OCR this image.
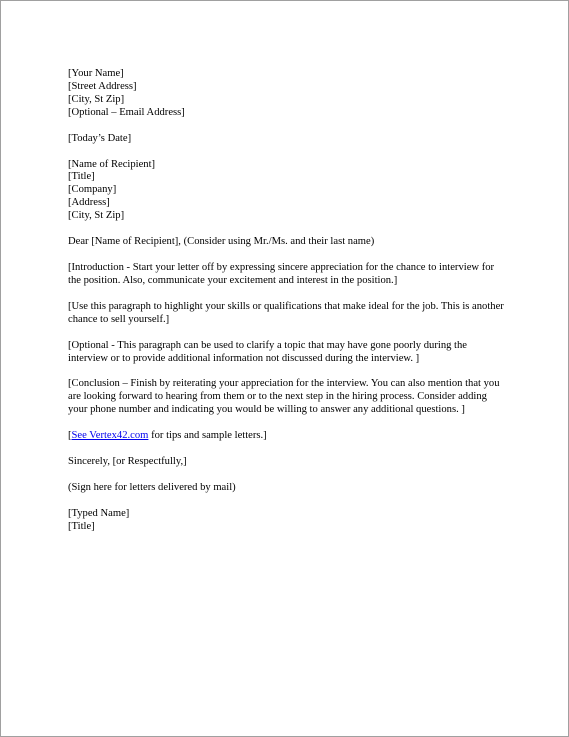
[Your Name]
[Street Address]
[City, St Zip]
[Optional – Email Address]
[Today’s Date]
[Name of Recipient]
[Title]
[Company]
[Address]
[City, St Zip]
Dear [Name of Recipient], (Consider using Mr./Ms. and their last name)
[Introduction - Start your letter off by expressing sincere appreciation for the chance to interview for the position. Also, communicate your excitement and interest in the position.]
[Use this paragraph to highlight your skills or qualifications that make ideal for the job. This is another chance to sell yourself.]
[Optional - This paragraph can be used to clarify a topic that may have gone poorly during the interview or to provide additional information not discussed during the interview. ]
[Conclusion – Finish by reiterating your appreciation for the interview. You can also mention that you are looking forward to hearing from them or to the next step in the hiring process. Consider adding your phone number and indicating you would be willing to answer any additional questions. ]
[See Vertex42.com for tips and sample letters.]
Sincerely, [or Respectfully,]
(Sign here for letters delivered by mail)
[Typed Name]
[Title]
